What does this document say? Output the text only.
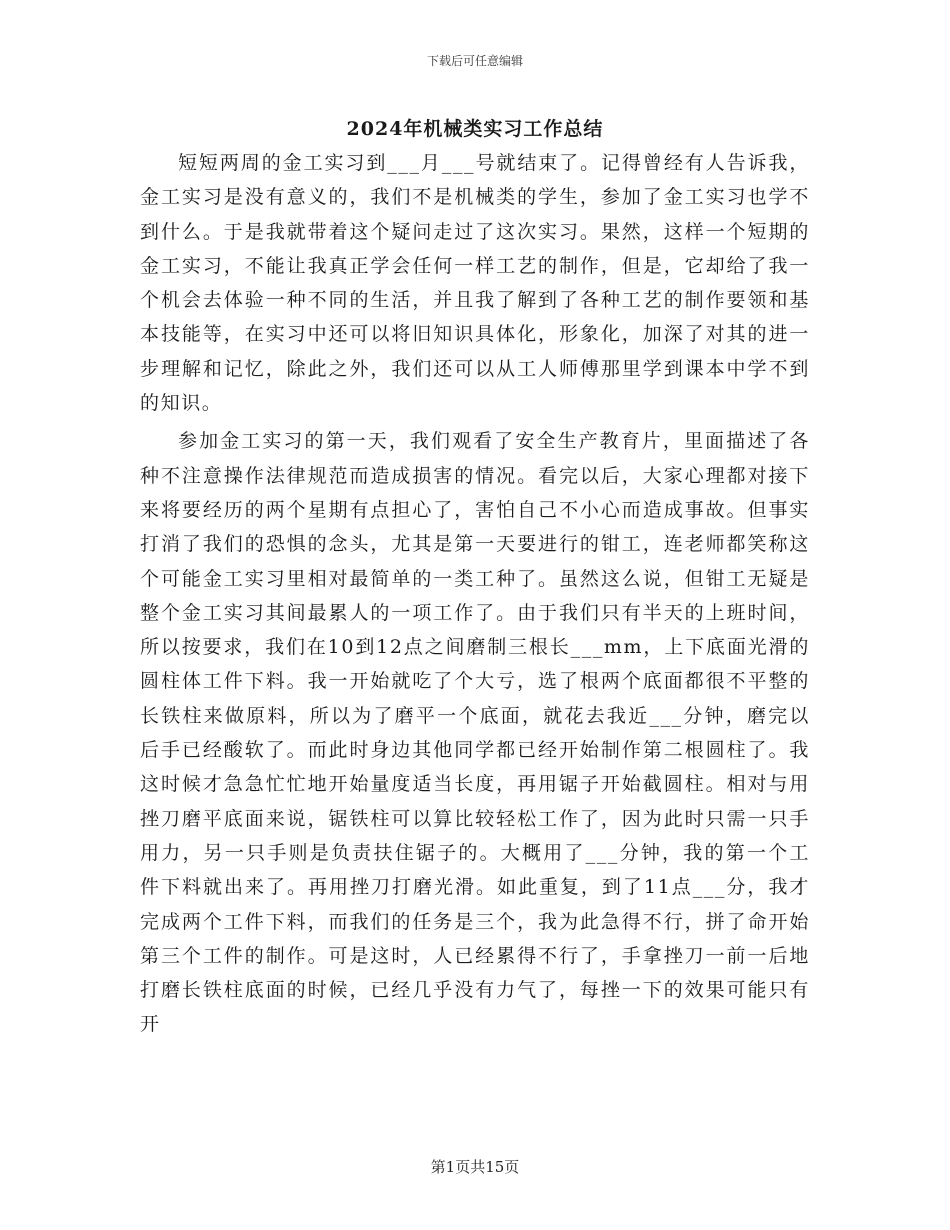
下载后可任意编辑
2024年机械类实习工作总结

短短两周的金工实习到___月___号就结束了。记得曾经有人告诉我，金工实习是没有意义的，我们不是机械类的学生，参加了金工实习也学不到什么。于是我就带着这个疑问走过了这次实习。果然，这样一个短期的金工实习，不能让我真正学会任何一样工艺的制作，但是，它却给了我一个机会去体验一种不同的生活，并且我了解到了各种工艺的制作要领和基本技能等，在实习中还可以将旧知识具体化，形象化，加深了对其的进一步理解和记忆，除此之外，我们还可以从工人师傅那里学到课本中学不到的知识。

参加金工实习的第一天，我们观看了安全生产教育片，里面描述了各种不注意操作法律规范而造成损害的情况。看完以后，大家心理都对接下来将要经历的两个星期有点担心了，害怕自己不小心而造成事故。但事实打消了我们的恐惧的念头，尤其是第一天要进行的钳工，连老师都笑称这个可能金工实习里相对最简单的一类工种了。虽然这么说，但钳工无疑是整个金工实习其间最累人的一项工作了。由于我们只有半天的上班时间，所以按要求，我们在10到12点之间磨制三根长___mm，上下底面光滑的圆柱体工件下料。我一开始就吃了个大亏，选了根两个底面都很不平整的长铁柱来做原料，所以为了磨平一个底面，就花去我近___分钟，磨完以后手已经酸软了。而此时身边其他同学都已经开始制作第二根圆柱了。我这时候才急急忙忙地开始量度适当长度，再用锯子开始截圆柱。相对与用挫刀磨平底面来说，锯铁柱可以算比较轻松工作了，因为此时只需一只手用力，另一只手则是负责扶住锯子的。大概用了___分钟，我的第一个工件下料就出来了。再用挫刀打磨光滑。如此重复，到了11点___分，我才完成两个工件下料，而我们的任务是三个，我为此急得不行，拼了命开始第三个工件的制作。可是这时，人已经累得不行了，手拿挫刀一前一后地打磨长铁柱底面的时候，已经几乎没有力气了，每挫一下的效果可能只有开

第1页共15页
